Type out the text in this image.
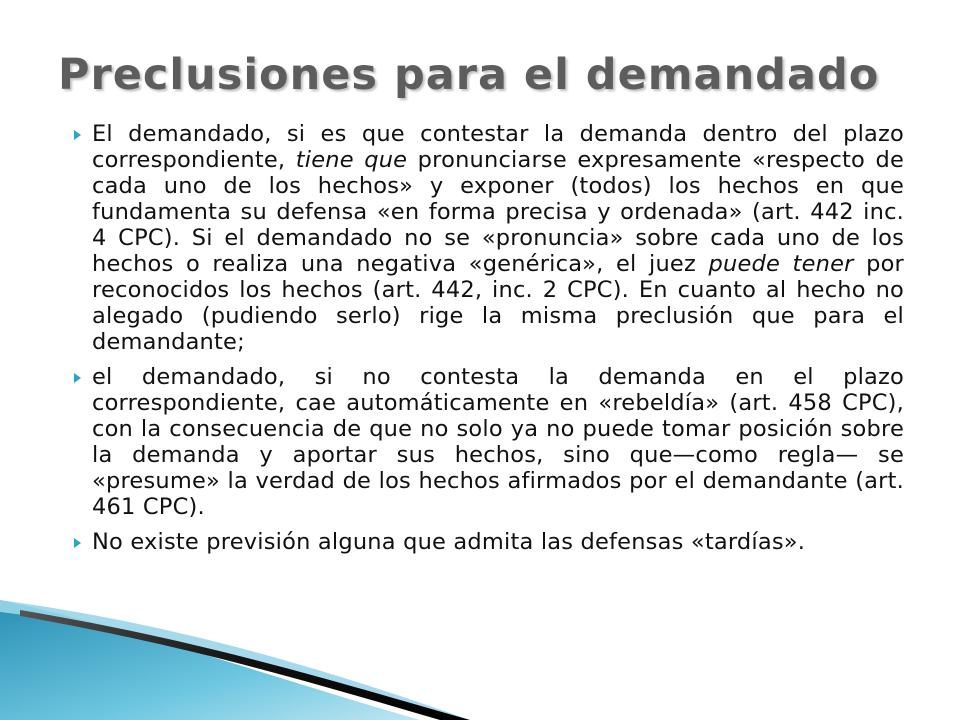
Preclusiones para el demandado
El demandado, si es que contestar la demanda dentro del plazo correspondiente, tiene que pronunciarse expresamente «respecto de cada uno de los hechos» y exponer (todos) los hechos en que fundamenta su defensa «en forma precisa y ordenada» (art. 442 inc. 4 CPC). Si el demandado no se «pronuncia» sobre cada uno de los hechos o realiza una negativa «genérica», el juez puede tener por reconocidos los hechos (art. 442, inc. 2 CPC). En cuanto al hecho no alegado (pudiendo serlo) rige la misma preclusión que para el demandante;
el demandado, si no contesta la demanda en el plazo correspondiente, cae automáticamente en «rebeldía» (art. 458 CPC), con la consecuencia de que no solo ya no puede tomar posición sobre la demanda y aportar sus hechos, sino que—como regla— se «presume» la verdad de los hechos afirmados por el demandante (art. 461 CPC).
No existe previsión alguna que admita las defensas «tardías».
